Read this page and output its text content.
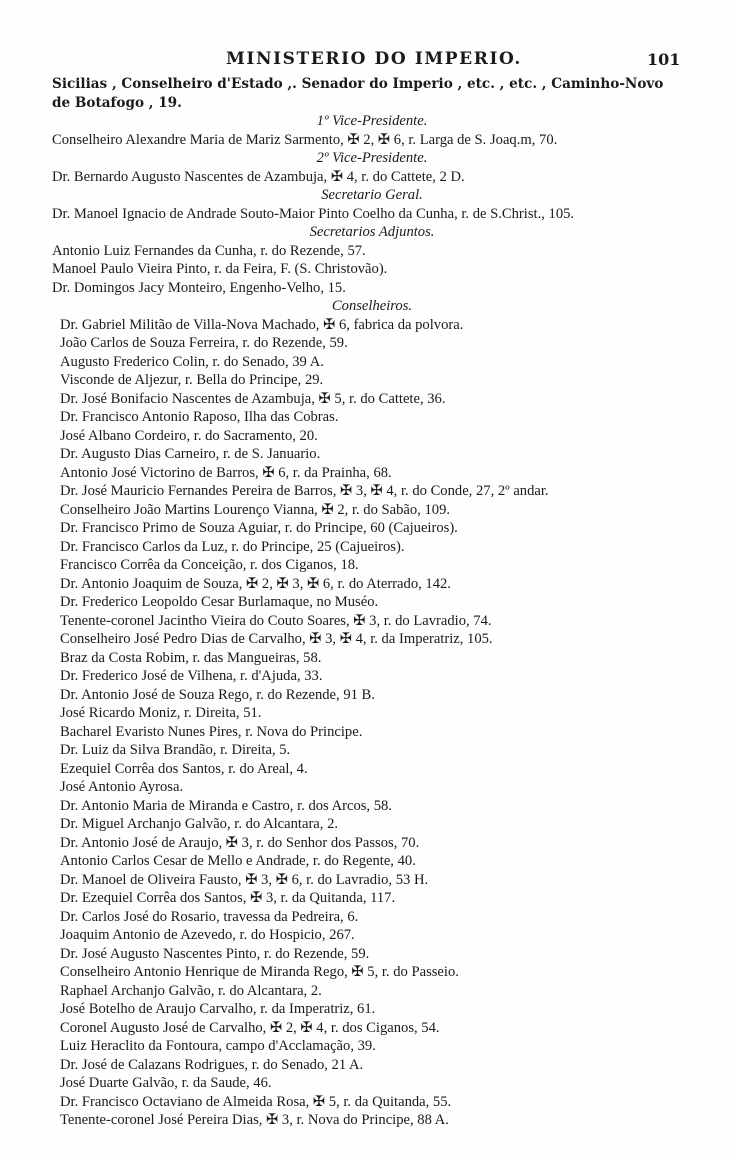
MINISTERIO DO IMPERIO.	101
Sicilias , Conselheiro d'Estado ,. Senador do Imperio , etc. , etc. , Caminho-Novo
de Botafogo , 19.
1º Vice-Presidente.
Conselheiro Alexandre Maria de Mariz Sarmento, ✠ 2, ✠ 6, r. Larga de S. Joaq.m, 70.
2º Vice-Presidente.
Dr. Bernardo Augusto Nascentes de Azambuja, ✠ 4, r. do Cattete, 2 D.
Secretario Geral.
Dr. Manoel Ignacio de Andrade Souto-Maior Pinto Coelho da Cunha, r. de S.Christ., 105.
Secretarios Adjuntos.
Antonio Luiz Fernandes da Cunha, r. do Rezende, 57.
Manoel Paulo Vieira Pinto, r. da Feira, F. (S. Christovão).
Dr. Domingos Jacy Monteiro, Engenho-Velho, 15.
Conselheiros.
Dr. Gabriel Militão de Villa-Nova Machado, ✠ 6, fabrica da polvora.
João Carlos de Souza Ferreira, r. do Rezende, 59.
Augusto Frederico Colin, r. do Senado, 39 A.
Visconde de Aljezur, r. Bella do Principe, 29.
Dr. José Bonifacio Nascentes de Azambuja, ✠ 5, r. do Cattete, 36.
Dr. Francisco Antonio Raposo, Ilha das Cobras.
José Albano Cordeiro, r. do Sacramento, 20.
Dr. Augusto Dias Carneiro, r. de S. Januario.
Antonio José Victorino de Barros, ✠ 6, r. da Prainha, 68.
Dr. José Mauricio Fernandes Pereira de Barros, ✠ 3, ✠ 4, r. do Conde, 27, 2º andar.
Conselheiro João Martins Lourenço Vianna, ✠ 2, r. do Sabão, 109.
Dr. Francisco Primo de Souza Aguiar, r. do Principe, 60 (Cajueiros).
Dr. Francisco Carlos da Luz, r. do Principe, 25 (Cajueiros).
Francisco Corrêa da Conceição, r. dos Ciganos, 18.
Dr. Antonio Joaquim de Souza, ✠ 2, ✠ 3, ✠ 6, r. do Aterrado, 142.
Dr. Frederico Leopoldo Cesar Burlamaque, no Muséo.
Tenente-coronel Jacintho Vieira do Couto Soares, ✠ 3, r. do Lavradio, 74.
Conselheiro José Pedro Dias de Carvalho, ✠ 3, ✠ 4, r. da Imperatriz, 105.
Braz da Costa Robim, r. das Mangueiras, 58.
Dr. Frederico José de Vilhena, r. d'Ajuda, 33.
Dr. Antonio José de Souza Rego, r. do Rezende, 91 B.
José Ricardo Moniz, r. Direita, 51.
Bacharel Evaristo Nunes Pires, r. Nova do Principe.
Dr. Luiz da Silva Brandão, r. Direita, 5.
Ezequiel Corrêa dos Santos, r. do Areal, 4.
José Antonio Ayrosa.
Dr. Antonio Maria de Miranda e Castro, r. dos Arcos, 58.
Dr. Miguel Archanjo Galvão, r. do Alcantara, 2.
Dr. Antonio José de Araujo, ✠ 3, r. do Senhor dos Passos, 70.
Antonio Carlos Cesar de Mello e Andrade, r. do Regente, 40.
Dr. Manoel de Oliveira Fausto, ✠ 3, ✠ 6, r. do Lavradio, 53 H.
Dr. Ezequiel Corrêa dos Santos, ✠ 3, r. da Quitanda, 117.
Dr. Carlos José do Rosario, travessa da Pedreira, 6.
Joaquim Antonio de Azevedo, r. do Hospicio, 267.
Dr. José Augusto Nascentes Pinto, r. do Rezende, 59.
Conselheiro Antonio Henrique de Miranda Rego, ✠ 5, r. do Passeio.
Raphael Archanjo Galvão, r. do Alcantara, 2.
José Botelho de Araujo Carvalho, r. da Imperatriz, 61.
Coronel Augusto José de Carvalho, ✠ 2, ✠ 4, r. dos Ciganos, 54.
Luiz Heraclito da Fontoura, campo d'Acclamação, 39.
Dr. José de Calazans Rodrigues, r. do Senado, 21 A.
José Duarte Galvão, r. da Saude, 46.
Dr. Francisco Octaviano de Almeida Rosa, ✠ 5, r. da Quitanda, 55.
Tenente-coronel José Pereira Dias, ✠ 3, r. Nova do Principe, 88 A.
